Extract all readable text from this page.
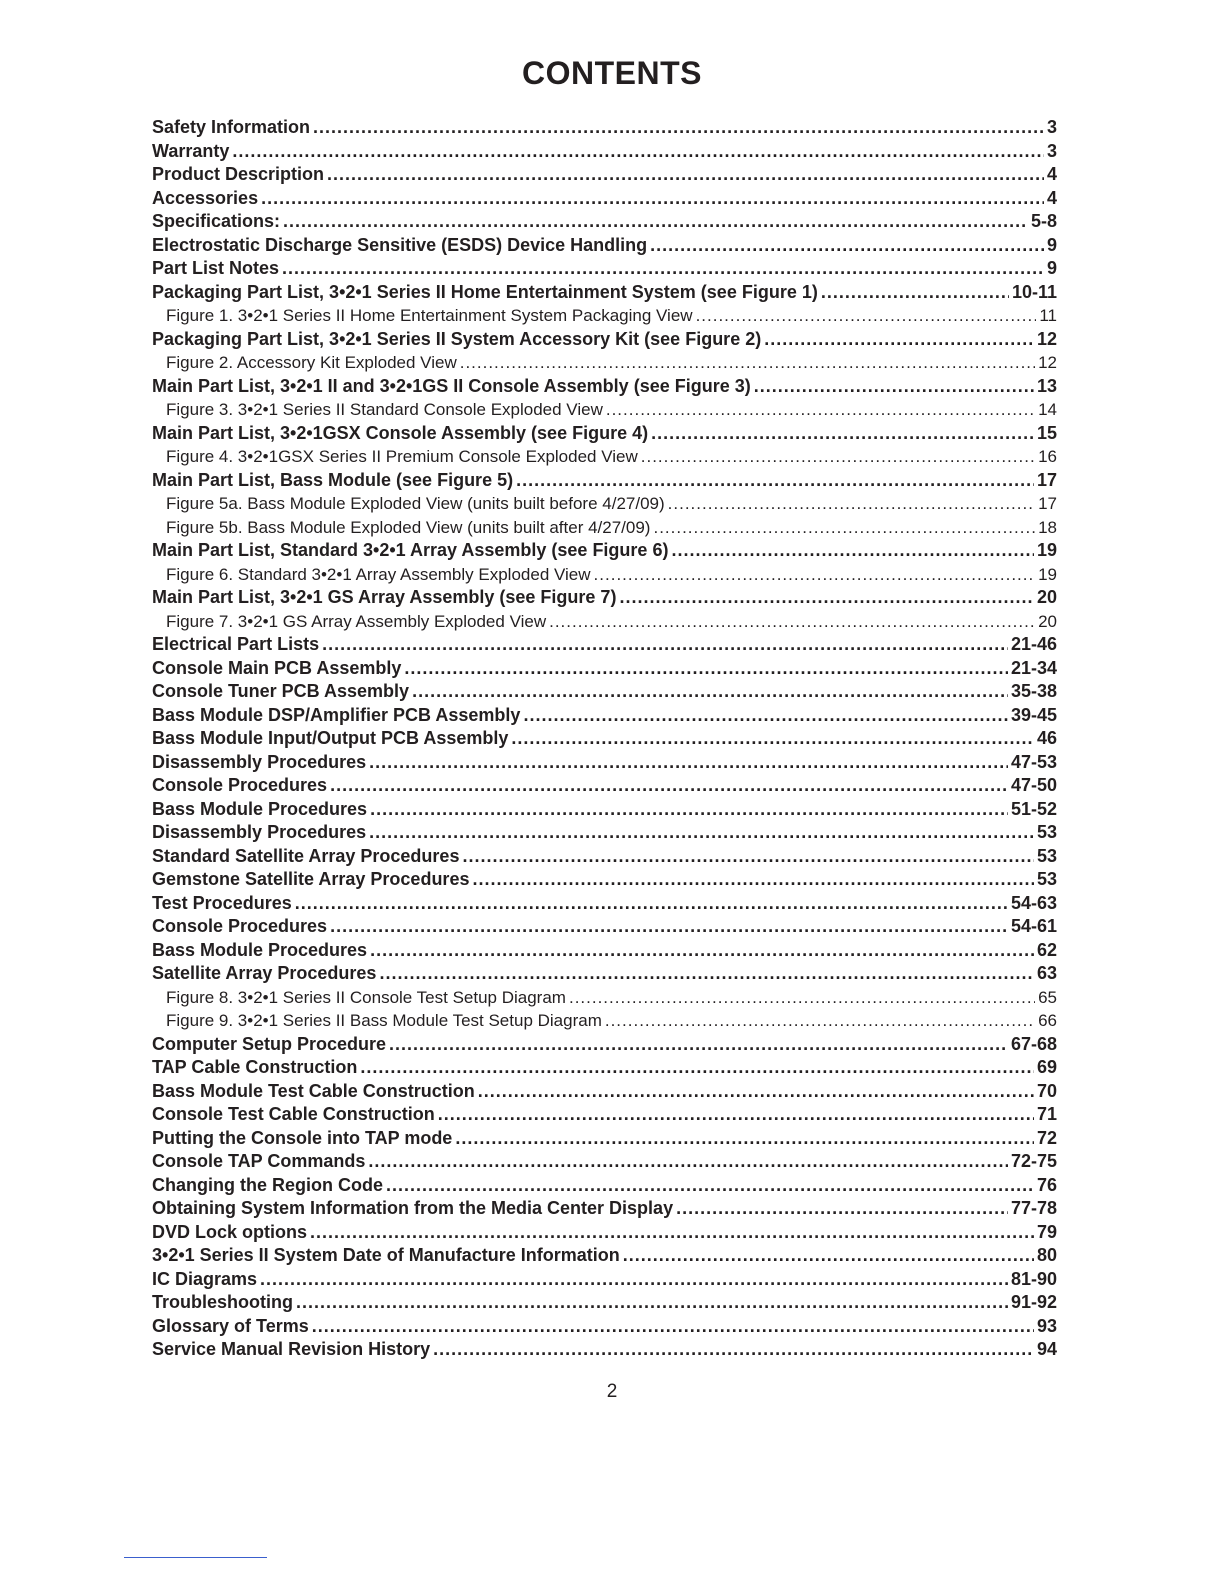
CONTENTS
Safety Information .....	3
Warranty .....	3
Product Description .....	4
Accessories .....	4
Specifications: .....	5-8
Electrostatic Discharge Sensitive (ESDS) Device Handling .....	9
Part List Notes .....	9
Packaging Part List, 3•2•1 Series II Home Entertainment System (see Figure 1) .....	10-11
Figure 1. 3•2•1 Series II Home Entertainment System Packaging View .....	11
Packaging Part List, 3•2•1 Series II System Accessory Kit (see Figure 2) .....	12
Figure 2. Accessory Kit Exploded View .....	12
Main Part List, 3•2•1 II and 3•2•1GS II Console Assembly (see Figure 3) .....	13
Figure 3. 3•2•1 Series II Standard Console Exploded View .....	14
Main Part List, 3•2•1GSX Console Assembly (see Figure 4) .....	15
Figure 4. 3•2•1GSX Series II Premium Console Exploded View .....	16
Main Part List, Bass Module (see Figure 5) .....	17
Figure 5a. Bass Module Exploded View (units built before 4/27/09) .....	17
Figure 5b. Bass Module Exploded View (units built after 4/27/09) .....	18
Main Part List, Standard 3•2•1 Array Assembly (see Figure 6) .....	19
Figure 6. Standard 3•2•1 Array Assembly Exploded View .....	19
Main Part List, 3•2•1 GS Array Assembly (see Figure 7) .....	20
Figure 7. 3•2•1 GS Array Assembly Exploded View .....	20
Electrical Part Lists .....	21-46
Console Main PCB Assembly .....	21-34
Console Tuner PCB Assembly .....	35-38
Bass Module DSP/Amplifier PCB Assembly .....	39-45
Bass Module Input/Output PCB Assembly .....	46
Disassembly Procedures .....	47-53
Console Procedures .....	47-50
Bass Module Procedures .....	51-52
Disassembly Procedures .....	53
Standard Satellite Array Procedures .....	53
Gemstone Satellite Array Procedures .....	53
Test Procedures .....	54-63
Console Procedures .....	54-61
Bass Module Procedures .....	62
Satellite Array Procedures .....	63
Figure 8. 3•2•1 Series II Console Test Setup Diagram .....	65
Figure 9. 3•2•1 Series II Bass Module Test Setup Diagram .....	66
Computer Setup Procedure .....	67-68
TAP Cable Construction .....	69
Bass Module Test Cable Construction .....	70
Console Test Cable Construction .....	71
Putting the Console into TAP mode .....	72
Console TAP Commands .....	72-75
Changing the Region Code .....	76
Obtaining System Information from the Media Center Display .....	77-78
DVD Lock options .....	79
3•2•1 Series II System Date of Manufacture Information .....	80
IC Diagrams .....	81-90
Troubleshooting .....	91-92
Glossary of Terms .....	93
Service Manual Revision History .....	94
2
